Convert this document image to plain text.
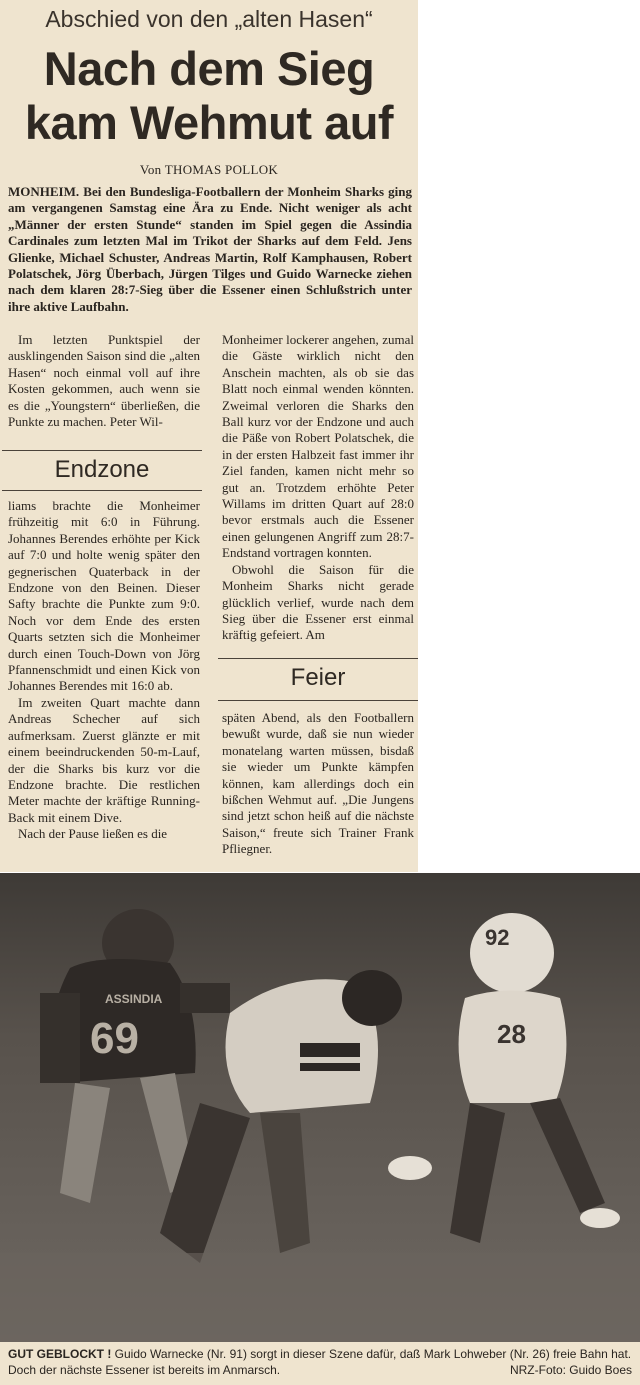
Abschied von den „alten Hasen“
Nach dem Sieg
kam Wehmut auf
Von THOMAS POLLOK

MONHEIM. Bei den Bundesliga-Footballern der Monheim Sharks ging am vergangenen Samstag eine Ära zu Ende. Nicht weniger als acht „Männer der ersten Stunde“ standen im Spiel gegen die Assindia Cardinales zum letzten Mal im Trikot der Sharks auf dem Feld. Jens Glienke, Michael Schuster, Andreas Martin, Rolf Kamphausen, Robert Polatschek, Jörg Überbach, Jürgen Tilges und Guido Warnecke ziehen nach dem klaren 28:7-Sieg über die Essener einen Schlußstrich unter ihre aktive Laufbahn.

Im letzten Punktspiel der ausklingenden Saison sind die „alten Hasen“ noch einmal voll auf ihre Kosten gekommen, auch wenn sie es die „Youngstern“ überließen, die Punkte zu machen. Peter Wil-

Endzone

liams brachte die Monheimer frühzeitig mit 6:0 in Führung. Johannes Berendes erhöhte per Kick auf 7:0 und holte wenig später den gegnerischen Quaterback in der Endzone von den Beinen. Dieser Safty brachte die Punkte zum 9:0. Noch vor dem Ende des ersten Quarts setzten sich die Monheimer durch einen Touch-Down von Jörg Pfannenschmidt und einen Kick von Johannes Berendes mit 16:0 ab.

Im zweiten Quart machte dann Andreas Schecher auf sich aufmerksam. Zuerst glänzte er mit einem beeindruckenden 50-m-Lauf, der die Sharks bis kurz vor die Endzone brachte. Die restlichen Meter machte der kräftige Running-Back mit einem Dive.

Nach der Pause ließen es die

Monheimer lockerer angehen, zumal die Gäste wirklich nicht den Anschein machten, als ob sie das Blatt noch einmal wenden könnten. Zweimal verloren die Sharks den Ball kurz vor der Endzone und auch die Päße von Robert Polatschek, die in der ersten Halbzeit fast immer ihr Ziel fanden, kamen nicht mehr so gut an. Trotzdem erhöhte Peter Willams im dritten Quart auf 28:0 bevor erstmals auch die Essener einen gelungenen Angriff zum 28:7-Endstand vortragen konnten.

Obwohl die Saison für die Monheim Sharks nicht gerade glücklich verlief, wurde nach dem Sieg über die Essener erst einmal kräftig gefeiert. Am

Feier

späten Abend, als den Footballern bewußt wurde, daß sie nun wieder monatelang warten müssen, bisdaß sie wieder um Punkte kämpfen können, kam allerdings doch ein bißchen Wehmut auf. „Die Jungens sind jetzt schon heiß auf die nächste Saison,“ freute sich Trainer Frank Pfliegner.

69
ASSINDIA
92
28
GUT GEBLOCKT ! Guido Warnecke (Nr. 91) sorgt in dieser Szene dafür, daß Mark Lohweber (Nr. 26) freie Bahn hat. Doch der nächste Essener ist bereits im Anmarsch.	NRZ-Foto: Guido Boes
